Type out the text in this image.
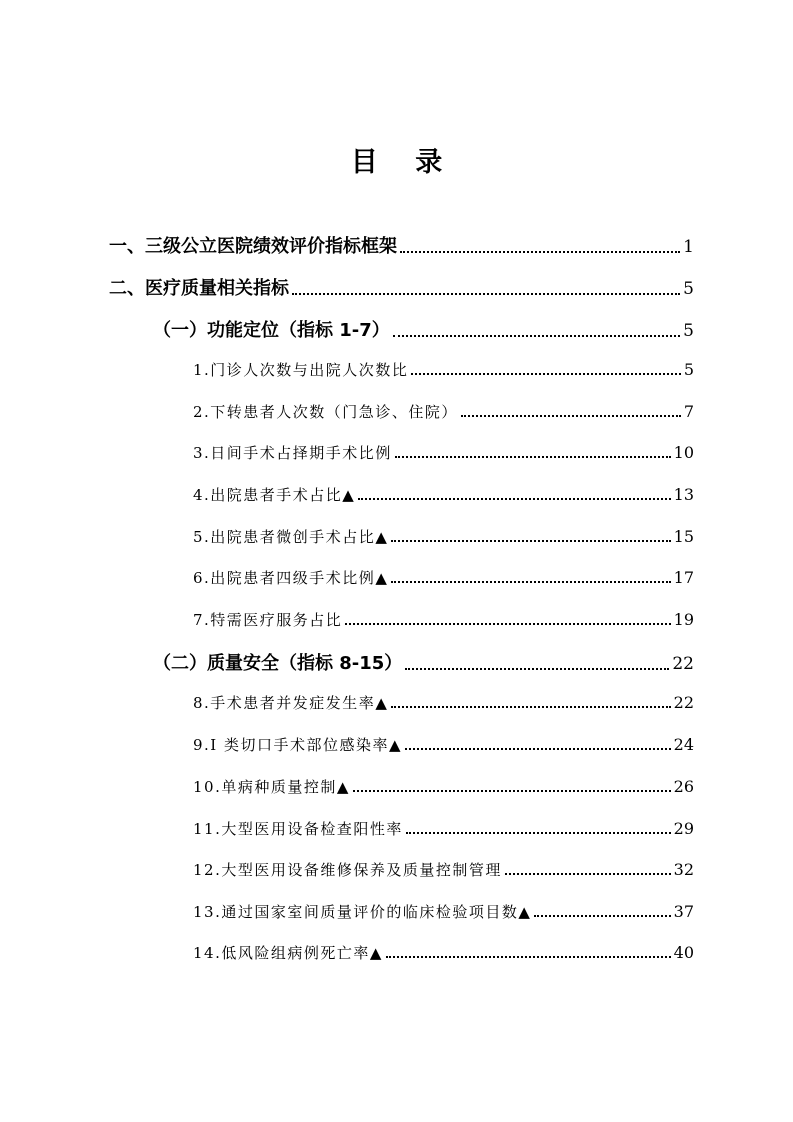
目 录
一、三级公立医院绩效评价指标框架	1
二、医疗质量相关指标	5
（一）功能定位（指标 1-7）	5
1.门诊人次数与出院人次数比	5
2.下转患者人次数（门急诊、住院）	7
3.日间手术占择期手术比例	10
4.出院患者手术占比▲	13
5.出院患者微创手术占比▲	15
6.出院患者四级手术比例▲	17
7.特需医疗服务占比	19
（二）质量安全（指标 8-15）	22
8.手术患者并发症发生率▲	22
9.I 类切口手术部位感染率▲	24
10.单病种质量控制▲	26
11.大型医用设备检查阳性率	29
12.大型医用设备维修保养及质量控制管理	32
13.通过国家室间质量评价的临床检验项目数▲	37
14.低风险组病例死亡率▲	40
